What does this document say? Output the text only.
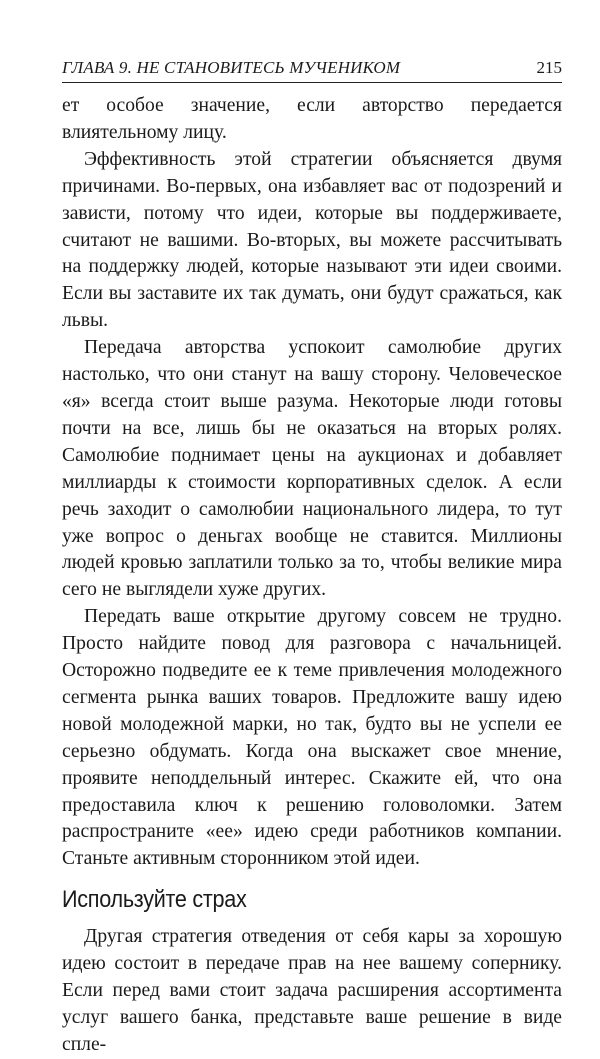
ГЛАВА 9. НЕ СТАНОВИТЕСЬ МУЧЕНИКОМ	215

ет особое значение, если авторство передается влиятельному лицу.

Эффективность этой стратегии объясняется двумя причинами. Во-первых, она избавляет вас от подозрений и зависти, потому что идеи, которые вы поддерживаете, считают не вашими. Во-вторых, вы можете рассчитывать на поддержку людей, которые называют эти идеи своими. Если вы заставите их так думать, они будут сражаться, как львы.

Передача авторства успокоит самолюбие других настолько, что они станут на вашу сторону. Человеческое «я» всегда стоит выше разума. Некоторые люди готовы почти на все, лишь бы не оказаться на вторых ролях. Самолюбие поднимает цены на аукционах и добавляет миллиарды к стоимости корпоративных сделок. А если речь заходит о самолюбии национального лидера, то тут уже вопрос о деньгах вообще не ставится. Миллионы людей кровью заплатили только за то, чтобы великие мира сего не выглядели хуже других.

Передать ваше открытие другому совсем не трудно. Просто найдите повод для разговора с начальницей. Осторожно подведите ее к теме привлечения молодежного сегмента рынка ваших товаров. Предложите вашу идею новой молодежной марки, но так, будто вы не успели ее серьезно обдумать. Когда она выскажет свое мнение, проявите неподдельный интерес. Скажите ей, что она предоставила ключ к решению головоломки. Затем распространите «ее» идею среди работников компании. Станьте активным сторонником этой идеи.

Используйте страх

Другая стратегия отведения от себя кары за хорошую идею состоит в передаче прав на нее вашему сопернику. Если перед вами стоит задача расширения ассортимента услуг вашего банка, представьте ваше решение в виде спле-
